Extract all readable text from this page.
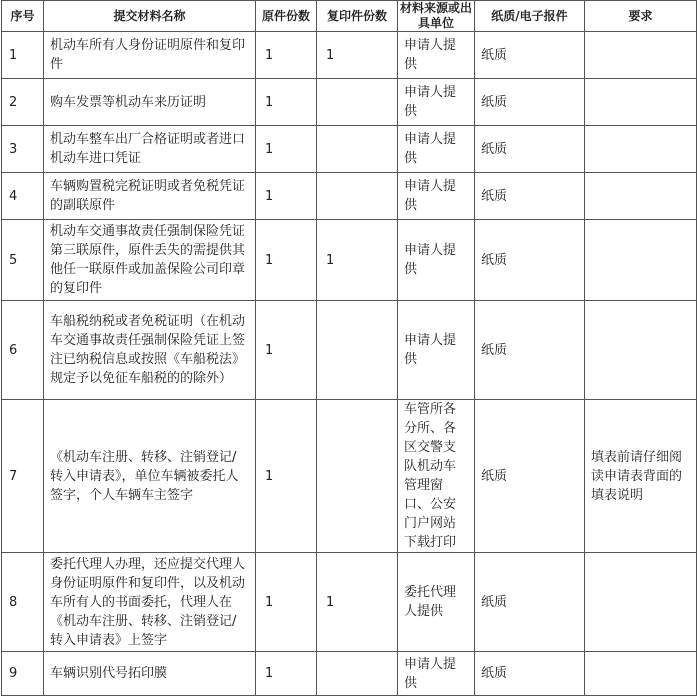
序号	提交材料名称	原件份数	复印件份数	材料来源或出具单位	纸质/电子报件	要求
1	机动车所有人身份证明原件和复印件	1	1	申请人提供	纸质	
2	购车发票等机动车来历证明	1		申请人提供	纸质	
3	机动车整车出厂合格证明或者进口机动车进口凭证	1		申请人提供	纸质	
4	车辆购置税完税证明或者免税凭证的副联原件	1		申请人提供	纸质	
5	机动车交通事故责任强制保险凭证第三联原件，原件丢失的需提供其他任一联原件或加盖保险公司印章的复印件	1	1	申请人提供	纸质	
6	车船税纳税或者免税证明（在机动车交通事故责任强制保险凭证上签注已纳税信息或按照《车船税法》规定予以免征车船税的的除外）	1		申请人提供	纸质	
7	《机动车注册、转移、注销登记/转入申请表》，单位车辆被委托人签字，个人车辆车主签字	1		车管所各分所、各区交警支队机动车管理窗口、公安门户网站下载打印	纸质	填表前请仔细阅读申请表背面的填表说明
8	委托代理人办理，还应提交代理人身份证明原件和复印件，以及机动车所有人的书面委托，代理人在《机动车注册、转移、注销登记/转入申请表》上签字	1	1	委托代理人提供	纸质	
9	车辆识别代号拓印膜	1		申请人提供	纸质	
